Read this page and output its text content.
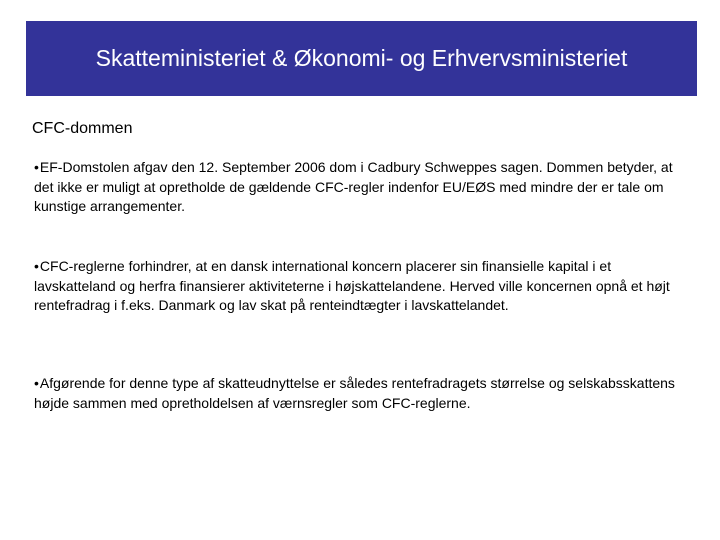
Skatteministeriet & Økonomi- og Erhvervsministeriet
CFC-dommen

•EF-Domstolen afgav den 12. September 2006 dom i Cadbury Schweppes sagen. Dommen betyder, at det ikke er muligt at opretholde de gældende CFC-regler indenfor EU/EØS med mindre der er tale om kunstige arrangementer.

•CFC-reglerne forhindrer, at en dansk international koncern placerer sin finansielle kapital i et lavskatteland og herfra finansierer aktiviteterne i højskattelandene. Herved ville koncernen opnå et højt rentefradrag i f.eks. Danmark og lav skat på renteindtægter i lavskattelandet.

•Afgørende for denne type af skatteudnyttelse er således rentefradragets størrelse og selskabsskattens højde sammen med opretholdelsen af værnsregler som CFC-reglerne.
